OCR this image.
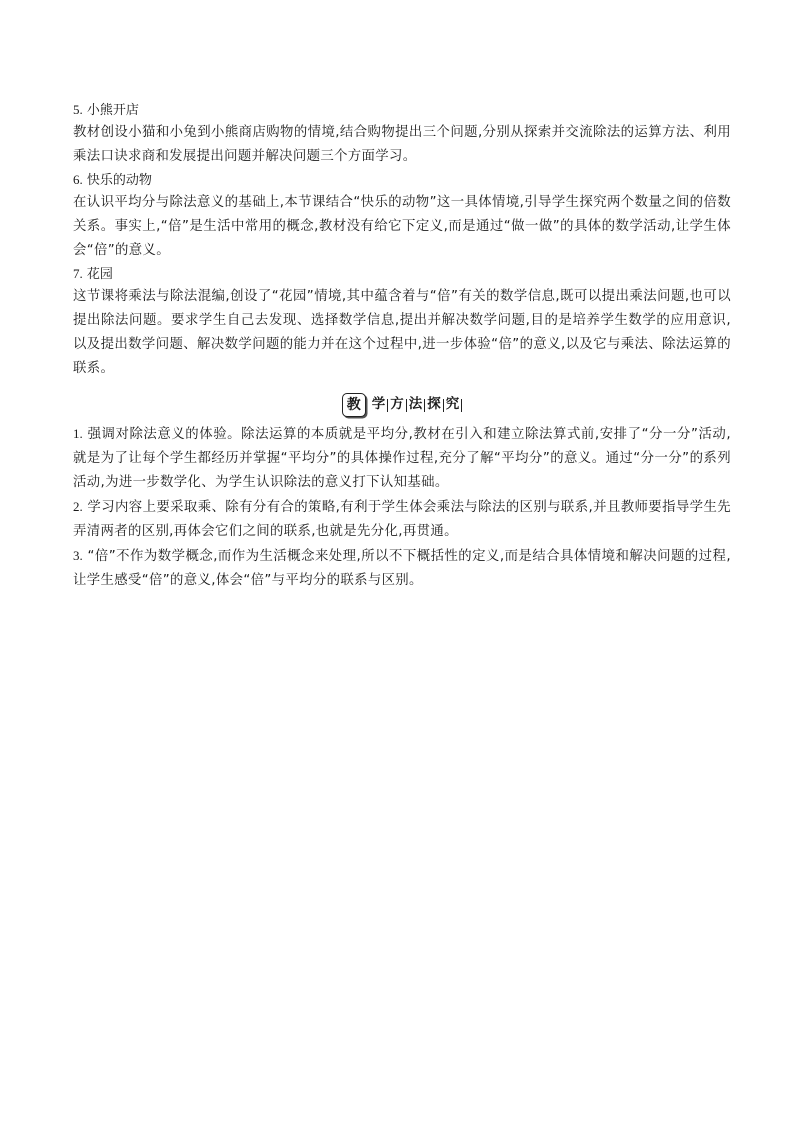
5. 小熊开店

教材创设小猫和小兔到小熊商店购物的情境,结合购物提出三个问题,分别从探索并交流除法的运算方法、利用乘法口诀求商和发展提出问题并解决问题三个方面学习。

6. 快乐的动物

在认识平均分与除法意义的基础上,本节课结合“快乐的动物”这一具体情境,引导学生探究两个数量之间的倍数关系。事实上,“倍”是生活中常用的概念,教材没有给它下定义,而是通过“做一做”的具体的数学活动,让学生体会“倍”的意义。

7. 花园

这节课将乘法与除法混编,创设了“花园”情境,其中蕴含着与“倍”有关的数学信息,既可以提出乘法问题,也可以提出除法问题。要求学生自己去发现、选择数学信息,提出并解决数学问题,目的是培养学生数学的应用意识,以及提出数学问题、解决数学问题的能力并在这个过程中,进一步体验“倍”的意义,以及它与乘法、除法运算的联系。

教 学 方 法 探 究

1. 强调对除法意义的体验。除法运算的本质就是平均分,教材在引入和建立除法算式前,安排了“分一分”活动,就是为了让每个学生都经历并掌握“平均分”的具体操作过程,充分了解“平均分”的意义。通过“分一分”的系列活动,为进一步数学化、为学生认识除法的意义打下认知基础。

2. 学习内容上要采取乘、除有分有合的策略,有利于学生体会乘法与除法的区别与联系,并且教师要指导学生先弄清两者的区别,再体会它们之间的联系,也就是先分化,再贯通。

3. “倍”不作为数学概念,而作为生活概念来处理,所以不下概括性的定义,而是结合具体情境和解决问题的过程,让学生感受“倍”的意义,体会“倍”与平均分的联系与区别。
